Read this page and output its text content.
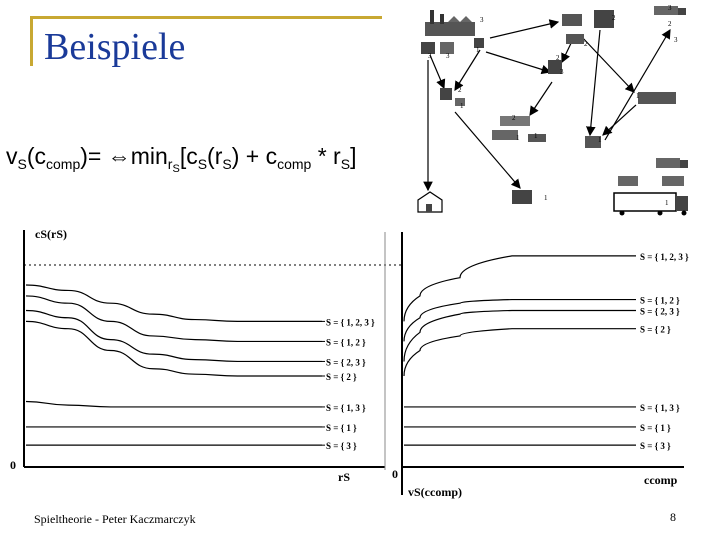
Beispiele
$v_S(c_{comp})=$ $\Leftrightarrow\min_{r_S}[c_S(r_S) + c_{comp} * r_S]$
3	2
3 3
2
3
2
3
1
2
1
2
1
1
2
1
1
1
1
3
S = { 1, 2, 3 }
S = { 1, 2 }
S = { 2, 3 }
S = { 2 }
S = { 1, 3 }
S = { 1 }
S = { 3 }
S = { 1, 2, 3 }
S = { 1, 2 }
S = { 2, 3 }
S = { 2 }
S = { 1, 3 }
S = { 1 }
S = { 3 }
cS(rS)
rS
0
vS(ccomp)
ccomp
0
Spieltheorie - Peter Kaczmarczyk	8
